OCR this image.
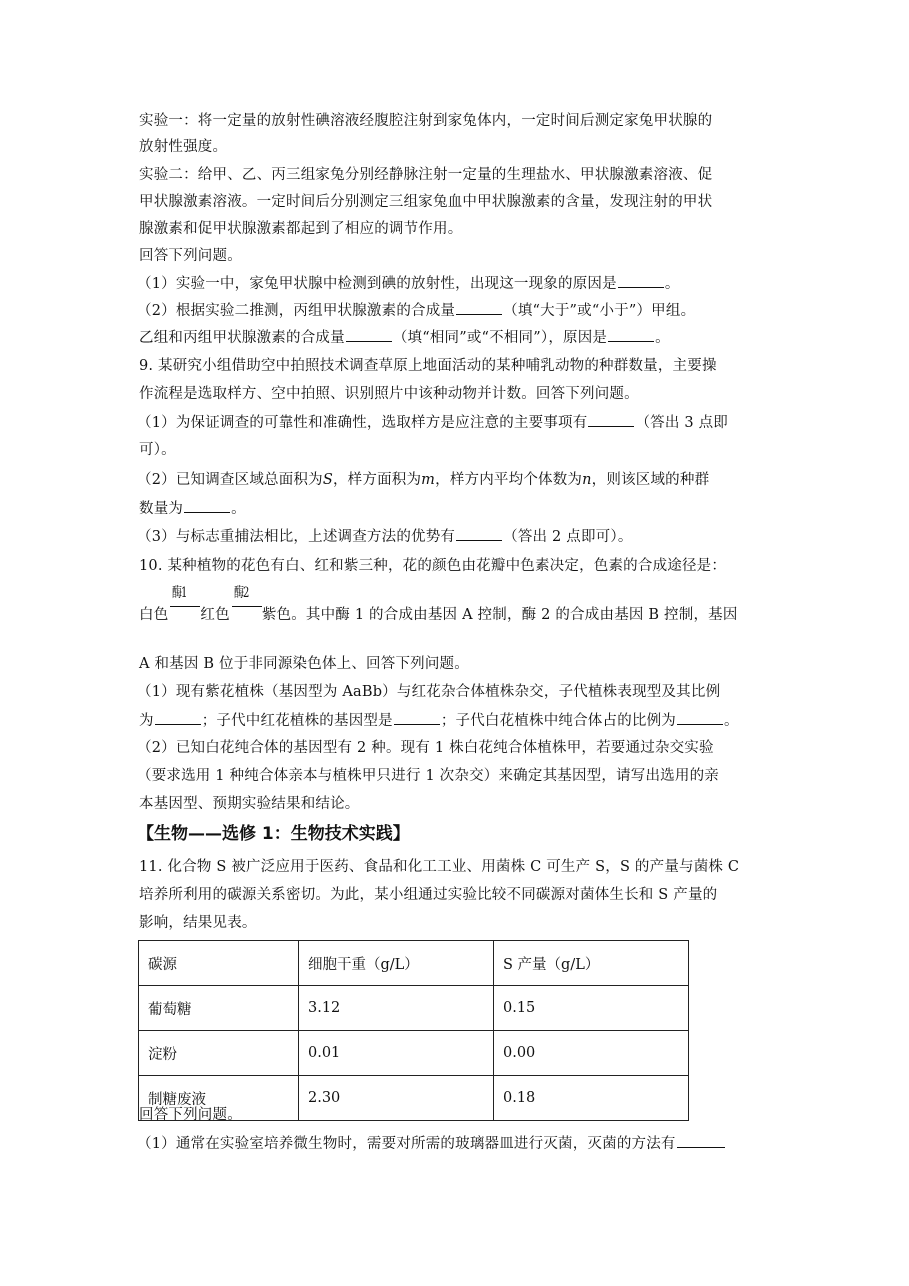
实验一：将一定量的放射性碘溶液经腹腔注射到家兔体内，一定时间后测定家兔甲状腺的
放射性强度。
实验二：给甲、乙、丙三组家兔分别经静脉注射一定量的生理盐水、甲状腺激素溶液、促
甲状腺激素溶液。一定时间后分别测定三组家兔血中甲状腺激素的含量，发现注射的甲状
腺激素和促甲状腺激素都起到了相应的调节作用。
回答下列问题。
（1）实验一中，家兔甲状腺中检测到碘的放射性，出现这一现象的原因是	。
（2）根据实验二推测，丙组甲状腺激素的合成量	（填“大于”或“小于”）甲组。
乙组和丙组甲状腺激素的合成量	（填“相同”或“不相同”），原因是	。
9. 某研究小组借助空中拍照技术调查草原上地面活动的某种哺乳动物的种群数量，主要操
作流程是选取样方、空中拍照、识别照片中该种动物并计数。回答下列问题。
（1）为保证调查的可靠性和准确性，选取样方是应注意的主要事项有	（答出 3 点即
可）。
（2）已知调查区域总面积为S，样方面积为m，样方内平均个体数为n，则该区域的种群
数量为	。
（3）与标志重捕法相比，上述调查方法的优势有	（答出 2 点即可）。
10. 某种植物的花色有白、红和紫三种，花的颜色由花瓣中色素决定，色素的合成途径是：
白色 红色 紫色。其中酶 1 的合成由基因 A 控制，酶 2 的合成由基因 B 控制，基因
酶1	酶2
A 和基因 B 位于非同源染色体上、回答下列问题。
（1）现有紫花植株（基因型为 AaBb）与红花杂合体植株杂交，子代植株表现型及其比例
为	；子代中红花植株的基因型是	；子代白花植株中纯合体占的比例为	。
（2）已知白花纯合体的基因型有 2 种。现有 1 株白花纯合体植株甲，若要通过杂交实验
（要求选用 1 种纯合体亲本与植株甲只进行 1 次杂交）来确定其基因型，请写出选用的亲
本基因型、预期实验结果和结论。
【生物——选修 1：生物技术实践】
11. 化合物 S 被广泛应用于医药、食品和化工工业、用菌株 C 可生产 S，S 的产量与菌株 C
培养所利用的碳源关系密切。为此，某小组通过实验比较不同碳源对菌体生长和 S 产量的
影响，结果见表。
碳源	细胞干重（g/L）	S 产量（g/L）
葡萄糖	3.12	0.15
淀粉	0.01	0.00
制糖废液	2.30	0.18
回答下列问题。
（1）通常在实验室培养微生物时，需要对所需的玻璃器皿进行灭菌，灭菌的方法有
